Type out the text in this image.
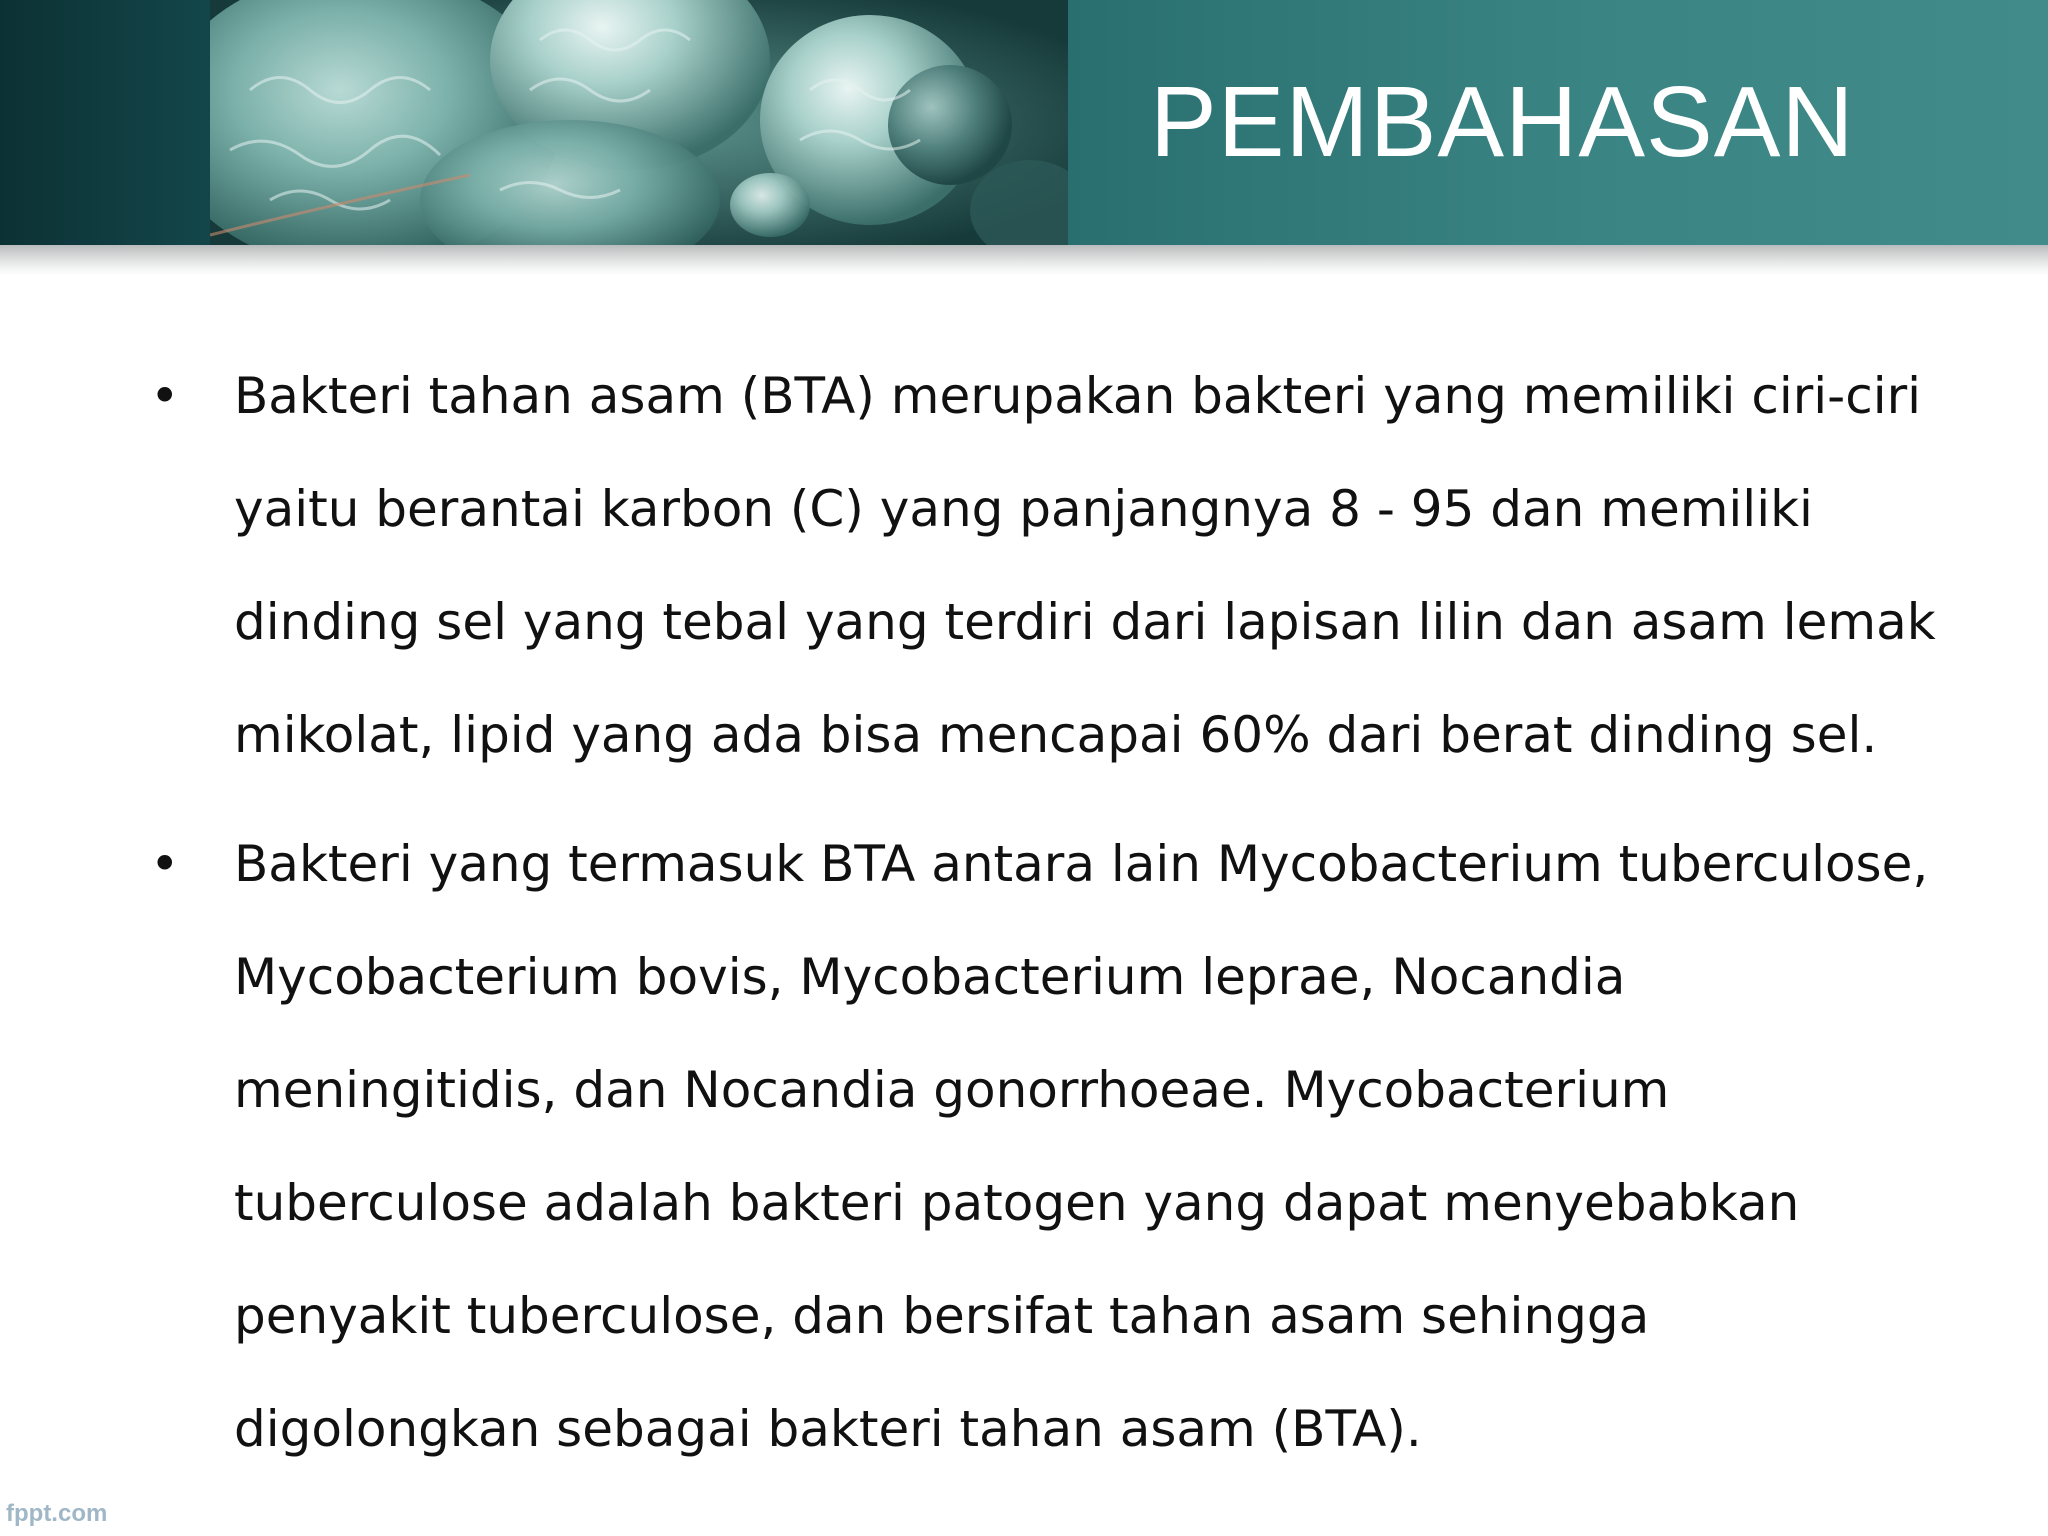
PEMBAHASAN
• Bakteri tahan asam (BTA) merupakan bakteri yang memiliki ciri-ciri
yaitu berantai karbon (C) yang panjangnya 8 - 95 dan memiliki
dinding sel yang tebal yang terdiri dari lapisan lilin dan asam lemak
mikolat, lipid yang ada bisa mencapai 60% dari berat dinding sel.
• Bakteri yang termasuk BTA antara lain Mycobacterium tuberculose,
Mycobacterium bovis, Mycobacterium leprae, Nocandia
meningitidis, dan Nocandia gonorrhoeae. Mycobacterium
tuberculose adalah bakteri patogen yang dapat menyebabkan
penyakit tuberculose, dan bersifat tahan asam sehingga
digolongkan sebagai bakteri tahan asam (BTA).
fppt.com
